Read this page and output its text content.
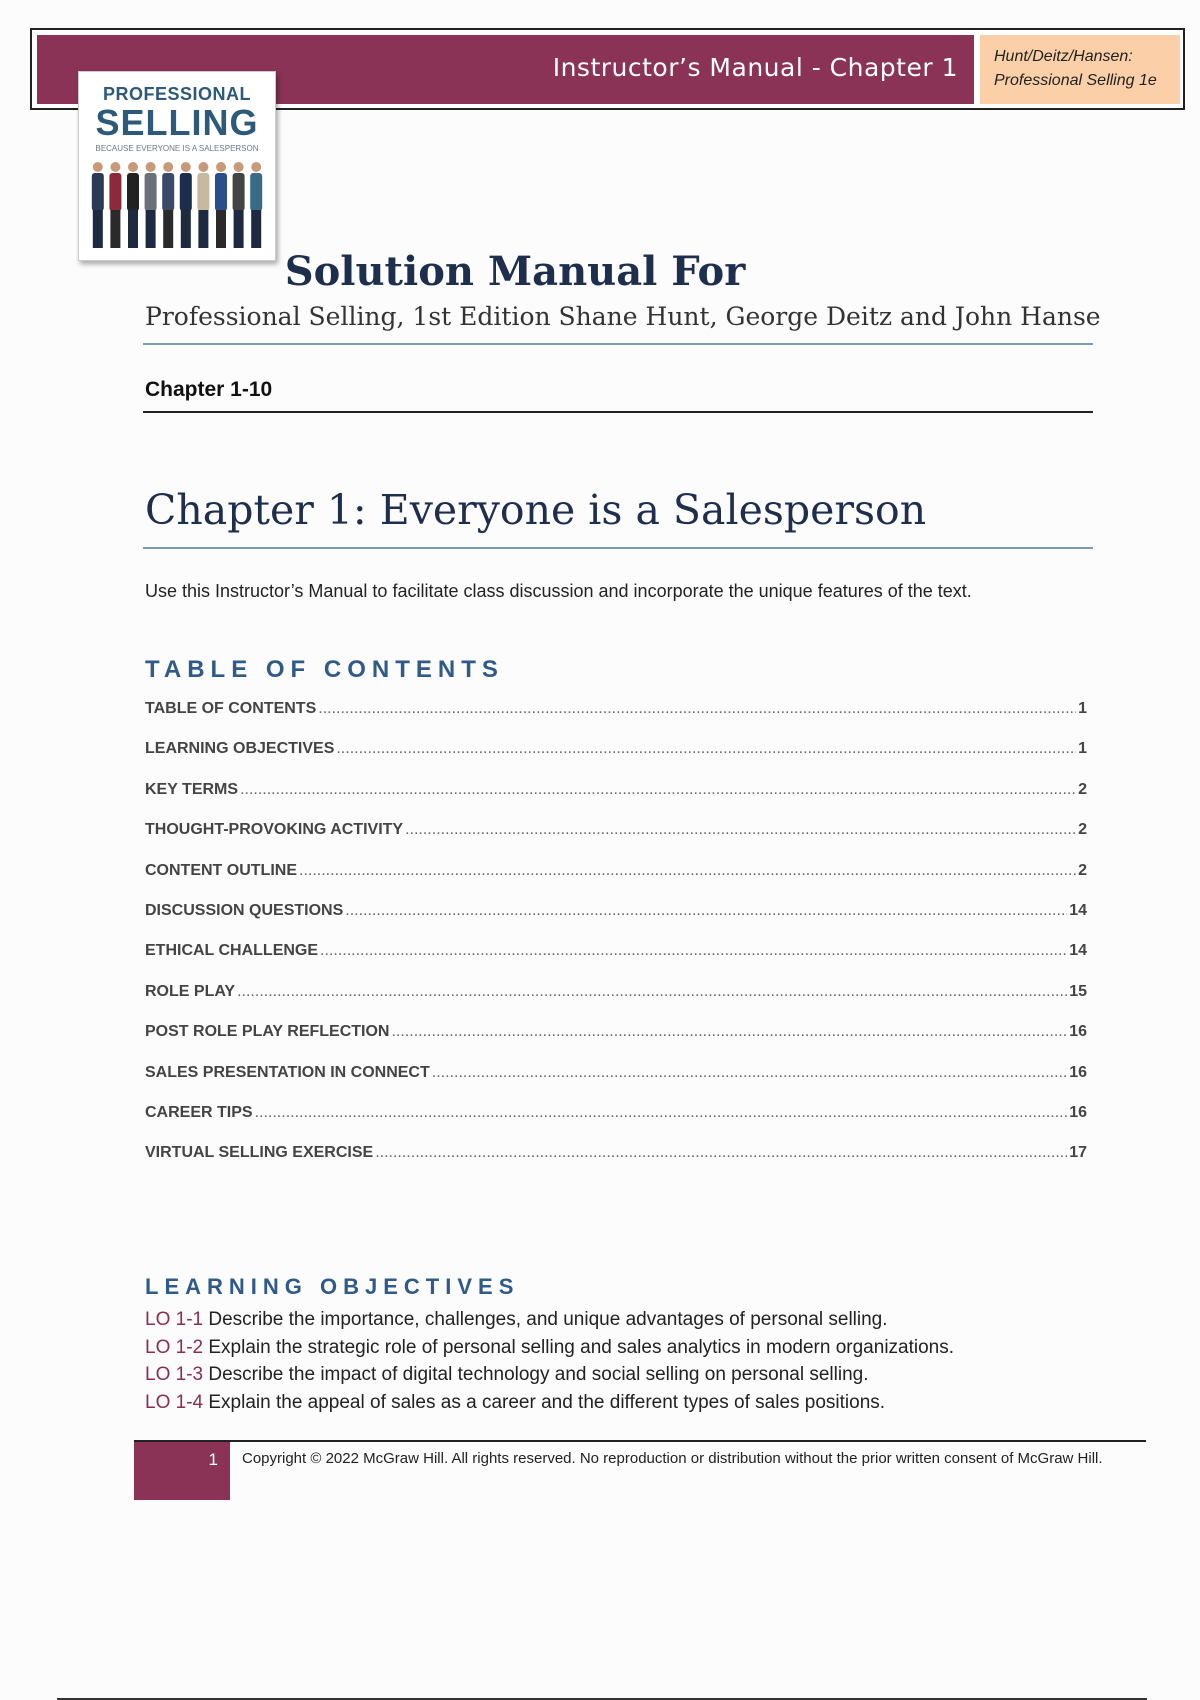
Instructor’s Manual - Chapter 1 Hunt/Deitz/Hansen:
Professional Selling 1e
PROFESSIONAL
SELLING
BECAUSE EVERYONE IS A SALESPERSON
Solution Manual For
Professional Selling, 1st Edition Shane Hunt, George Deitz and John Hanse
Chapter 1-10
Chapter 1: Everyone is a Salesperson
Use this Instructor’s Manual to facilitate class discussion and incorporate the unique features of the text.
TABLE OF CONTENTS
TABLE OF CONTENTS .....	1
LEARNING OBJECTIVES .....	1
KEY TERMS .....	2
THOUGHT-PROVOKING ACTIVITY .....	2
CONTENT OUTLINE .....	2
DISCUSSION QUESTIONS .....	14
ETHICAL CHALLENGE .....	14
ROLE PLAY .....	15
POST ROLE PLAY REFLECTION .....	16
SALES PRESENTATION IN CONNECT .....	16
CAREER TIPS .....	16
VIRTUAL SELLING EXERCISE .....	17
LEARNING OBJECTIVES
LO 1-1 Describe the importance, challenges, and unique advantages of personal selling.
LO 1-2 Explain the strategic role of personal selling and sales analytics in modern organizations.
LO 1-3 Describe the impact of digital technology and social selling on personal selling.
LO 1-4 Explain the appeal of sales as a career and the different types of sales positions.
1 Copyright © 2022 McGraw Hill. All rights reserved. No reproduction or distribution without the prior written consent of McGraw Hill.
